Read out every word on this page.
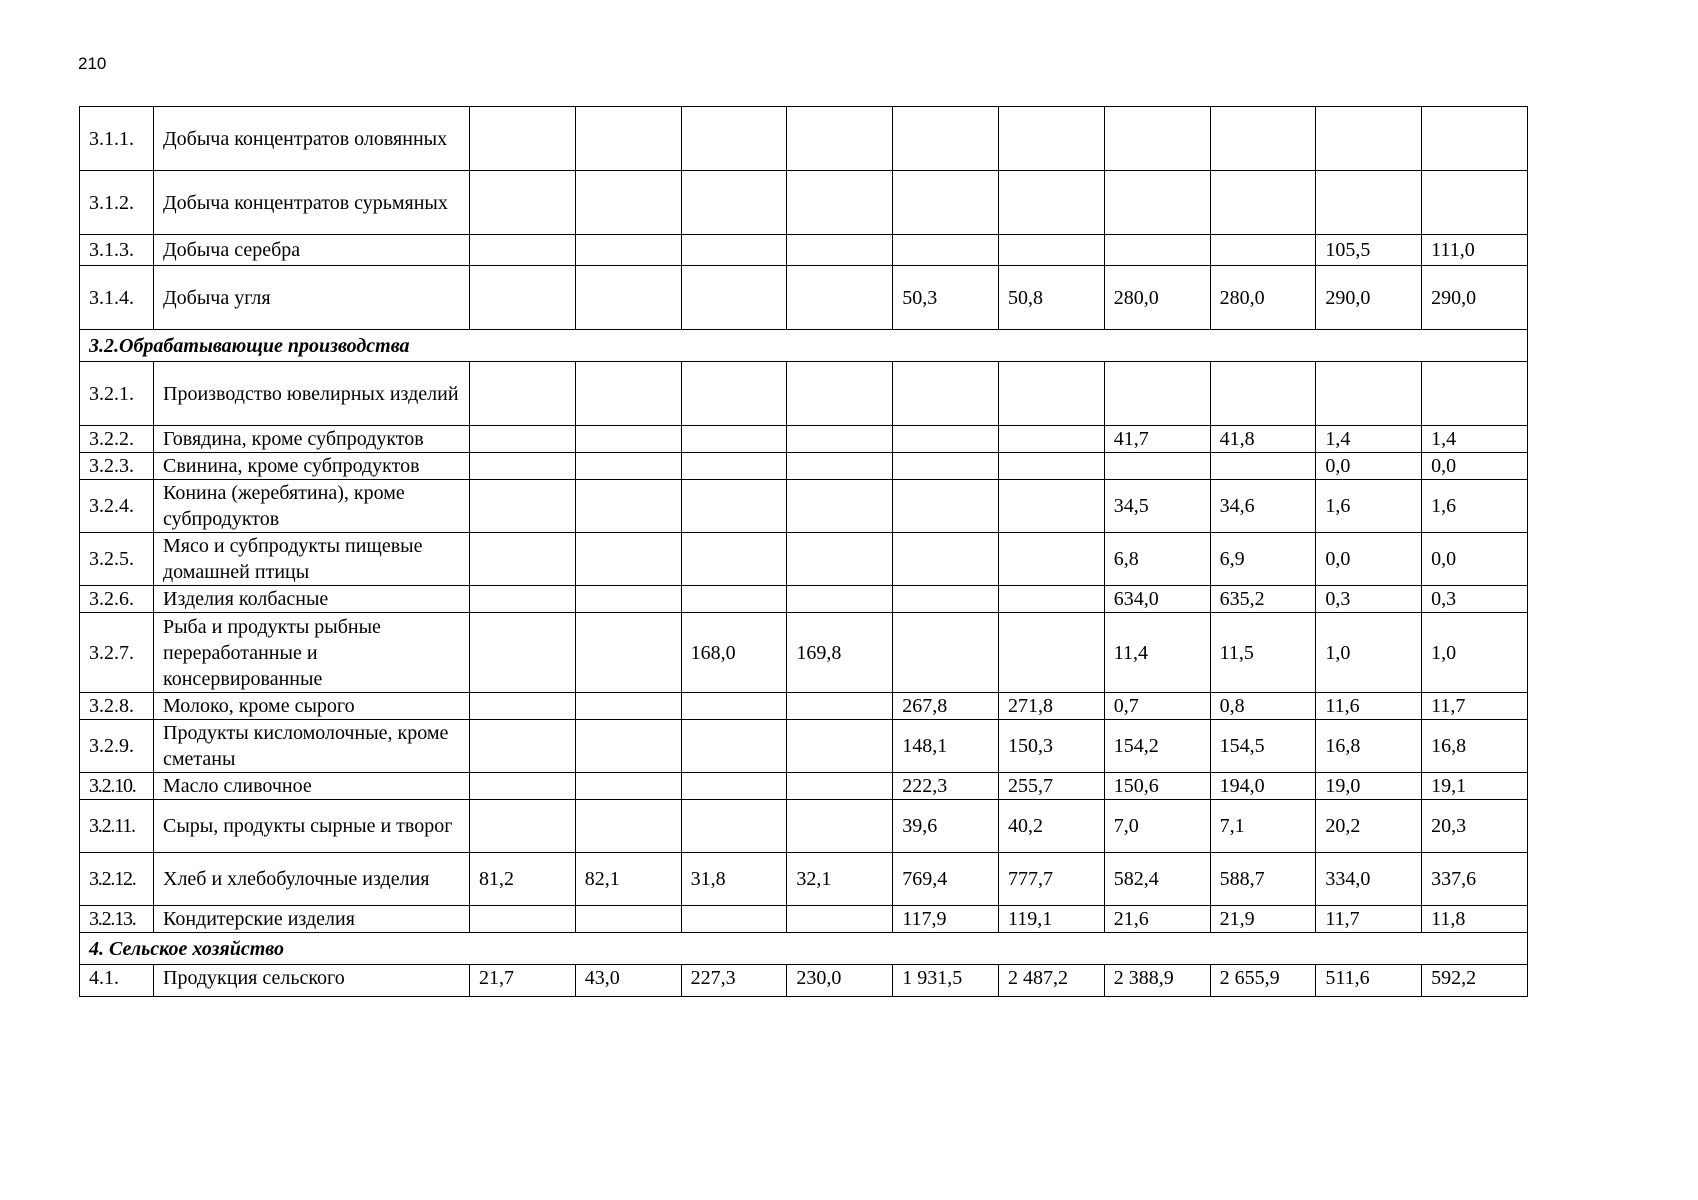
210
3.1.1.	Добыча концентратов оловянных										
3.1.2.	Добыча концентратов сурьмяных										
3.1.3.	Добыча серебра									105,5	111,0
3.1.4.	Добыча угля					50,3	50,8	280,0	280,0	290,0	290,0
3.2.Обрабатывающие производства											
3.2.1.	Производство ювелирных изделий										
3.2.2.	Говядина, кроме субпродуктов							41,7	41,8	1,4	1,4
3.2.3.	Свинина, кроме субпродуктов									0,0	0,0
3.2.4.	Конина (жеребятина), кроме субпродуктов							34,5	34,6	1,6	1,6
3.2.5.	Мясо и субпродукты пищевые домашней птицы							6,8	6,9	0,0	0,0
3.2.6.	Изделия колбасные							634,0	635,2	0,3	0,3
3.2.7.	Рыба и продукты рыбные переработанные и консервированные			168,0	169,8			11,4	11,5	1,0	1,0
3.2.8.	Молоко, кроме сырого					267,8	271,8	0,7	0,8	11,6	11,7
3.2.9.	Продукты кисломолочные, кроме сметаны					148,1	150,3	154,2	154,5	16,8	16,8
3.2.10.	Масло сливочное					222,3	255,7	150,6	194,0	19,0	19,1
3.2.11.	Сыры, продукты сырные и творог					39,6	40,2	7,0	7,1	20,2	20,3
3.2.12.	Хлеб и хлебобулочные изделия	81,2	82,1	31,8	32,1	769,4	777,7	582,4	588,7	334,0	337,6
3.2.13.	Кондитерские изделия					117,9	119,1	21,6	21,9	11,7	11,8
4. Сельское хозяйство											
4.1.	Продукция сельского	21,7	43,0	227,3	230,0	1 931,5	2 487,2	2 388,9	2 655,9	511,6	592,2
